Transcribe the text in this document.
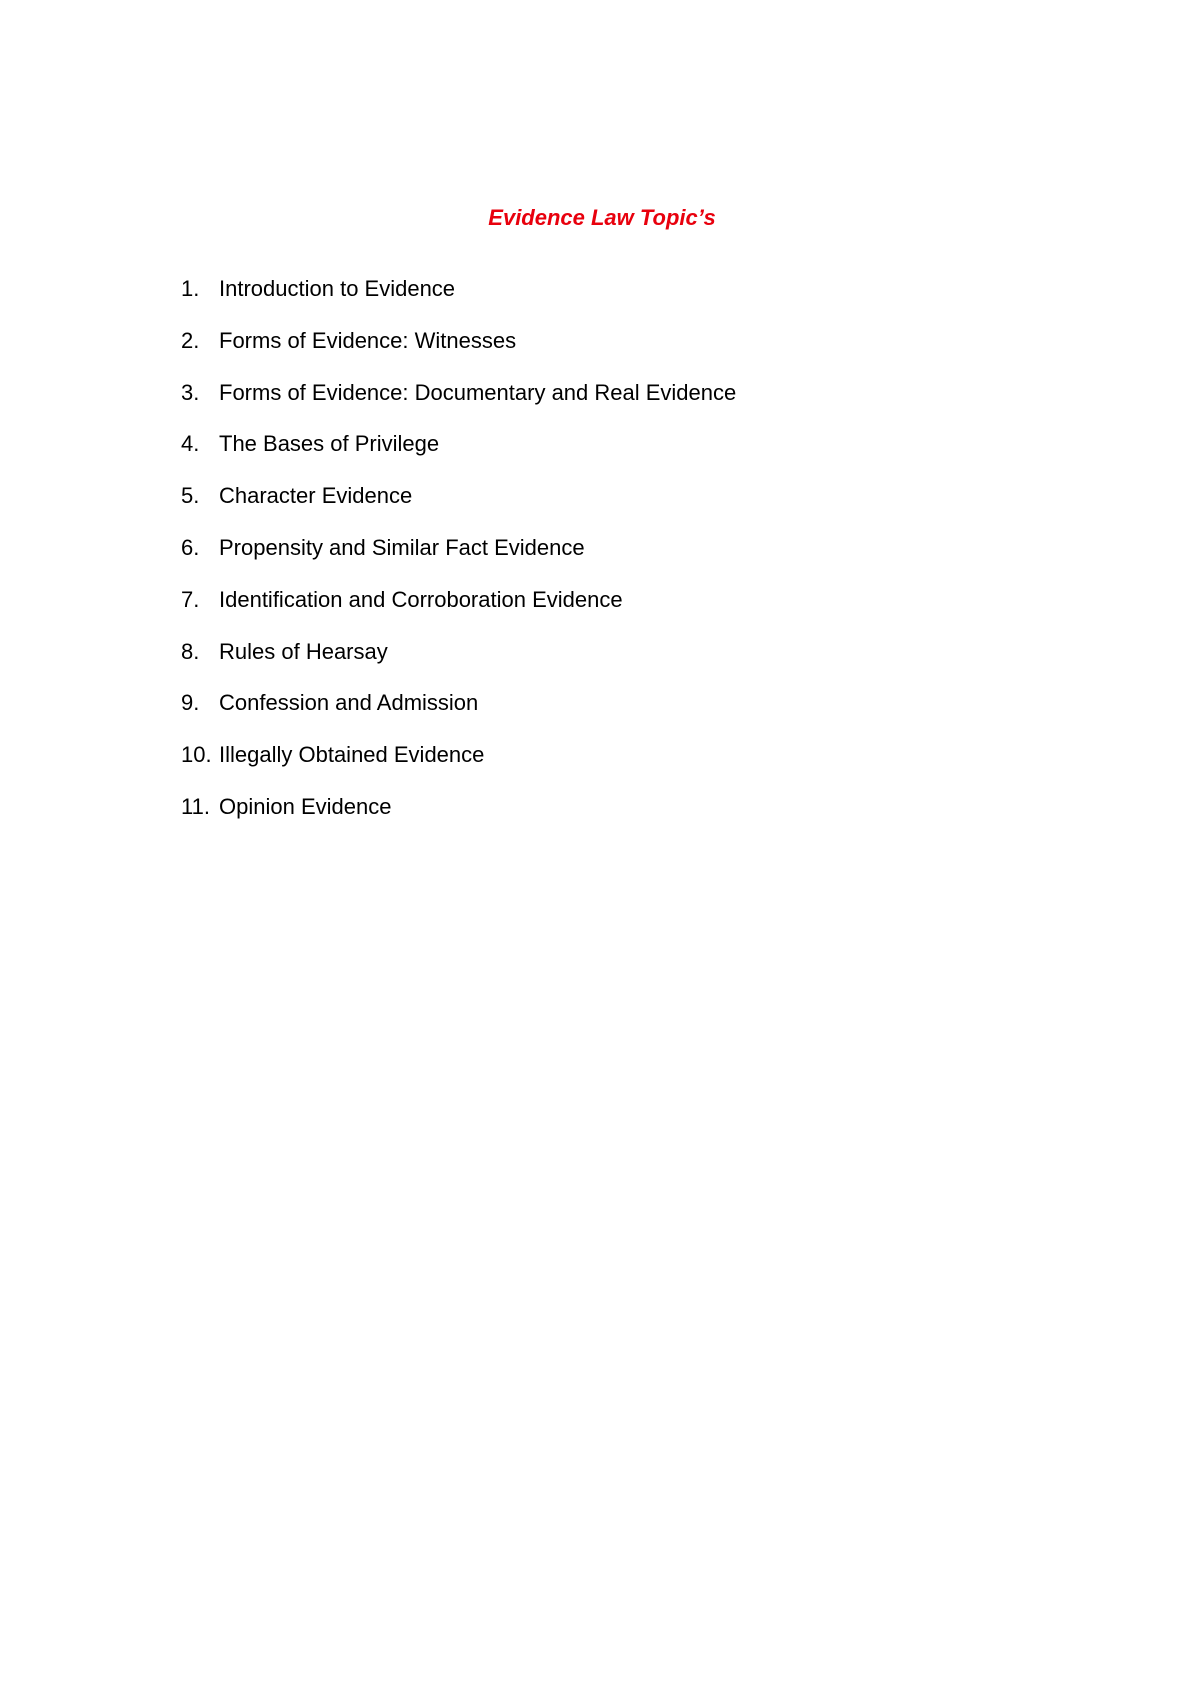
Evidence Law Topic’s
1. Introduction to Evidence
2. Forms of Evidence: Witnesses
3. Forms of Evidence: Documentary and Real Evidence
4. The Bases of Privilege
5. Character Evidence
6. Propensity and Similar Fact Evidence
7. Identification and Corroboration Evidence
8. Rules of Hearsay
9. Confession and Admission
10. Illegally Obtained Evidence
11. Opinion Evidence
